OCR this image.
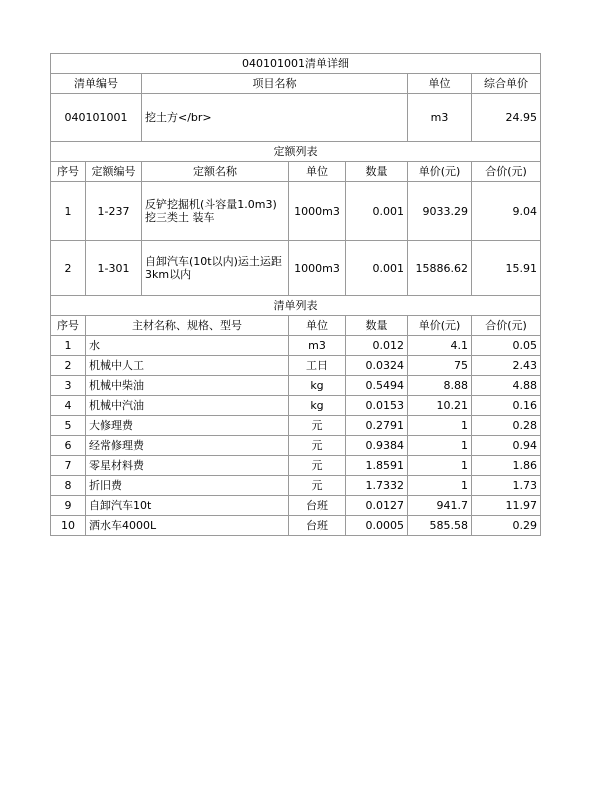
040101001清单详细						
清单编号		项目名称			单位	综合单价
040101001		挖土方</br>			m3	24.95
定额列表						
序号	定额编号	定额名称	单位	数量	单价(元)	合价(元)
1	1-237	反铲挖掘机(斗容量1.0m3)挖三类土 装车	1000m3	0.001	9033.29	9.04
2	1-301	自卸汽车(10t以内)运土运距3km以内	1000m3	0.001	15886.62	15.91
清单列表						
序号	主材名称、规格、型号		单位	数量	单价(元)	合价(元)
1	水		m3	0.012	4.1	0.05
2	机械中人工		工日	0.0324	75	2.43
3	机械中柴油		kg	0.5494	8.88	4.88
4	机械中汽油		kg	0.0153	10.21	0.16
5	大修理费		元	0.2791	1	0.28
6	经常修理费		元	0.9384	1	0.94
7	零星材料费		元	1.8591	1	1.86
8	折旧费		元	1.7332	1	1.73
9	自卸汽车10t		台班	0.0127	941.7	11.97
10	洒水车4000L		台班	0.0005	585.58	0.29
